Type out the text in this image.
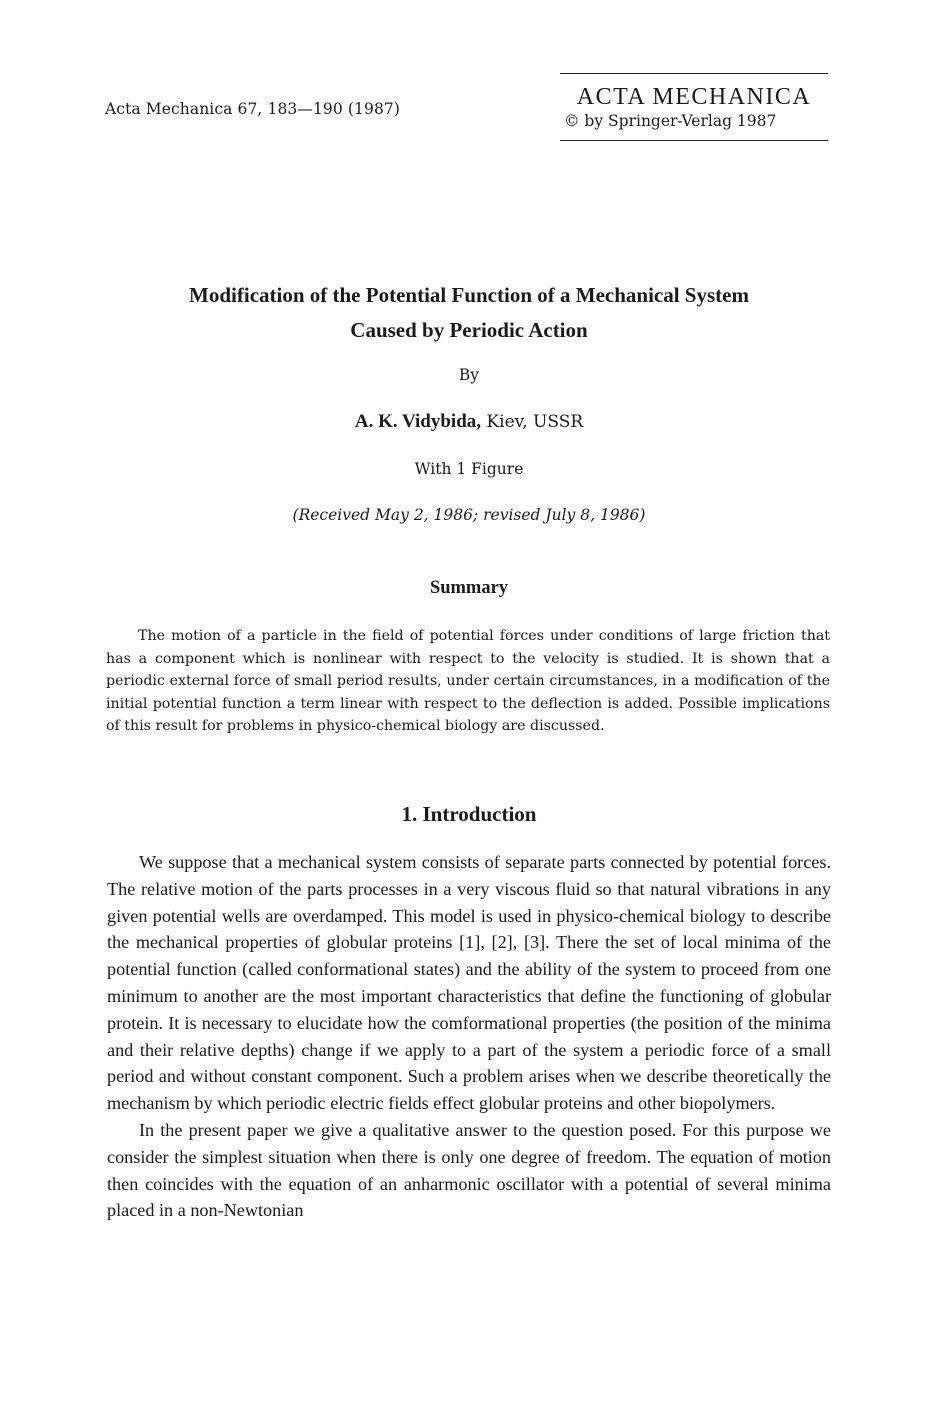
Acta Mechanica 67, 183—190 (1987)	ACTA MECHANICA
© by Springer-Verlag 1987
Modification of the Potential Function of a Mechanical System
Caused by Periodic Action
By
A. K. Vidybida, Kiev, USSR
With 1 Figure
(Received May 2, 1986; revised July 8, 1986)
Summary
The motion of a particle in the field of potential forces under conditions of large friction that has a component which is nonlinear with respect to the velocity is studied. It is shown that a periodic external force of small period results, under certain circumstances, in a modification of the initial potential function a term linear with respect to the deflection is added. Possible implications of this result for problems in physico-chemical biology are discussed.
1. Introduction

We suppose that a mechanical system consists of separate parts connected by potential forces. The relative motion of the parts processes in a very viscous fluid so that natural vibrations in any given potential wells are overdamped. This model is used in physico-chemical biology to describe the mechanical properties of globular proteins [1], [2], [3]. There the set of local minima of the potential function (called conformational states) and the ability of the system to proceed from one minimum to another are the most important characteristics that define the functioning of globular protein. It is necessary to elucidate how the comformational properties (the position of the minima and their relative depths) change if we apply to a part of the system a periodic force of a small period and without constant component. Such a problem arises when we describe theoretically the mechanism by which periodic electric fields effect globular proteins and other biopolymers.

In the present paper we give a qualitative answer to the question posed. For this purpose we consider the simplest situation when there is only one degree of freedom. The equation of motion then coincides with the equation of an anharmonic oscillator with a potential of several minima placed in a non-Newtonian
